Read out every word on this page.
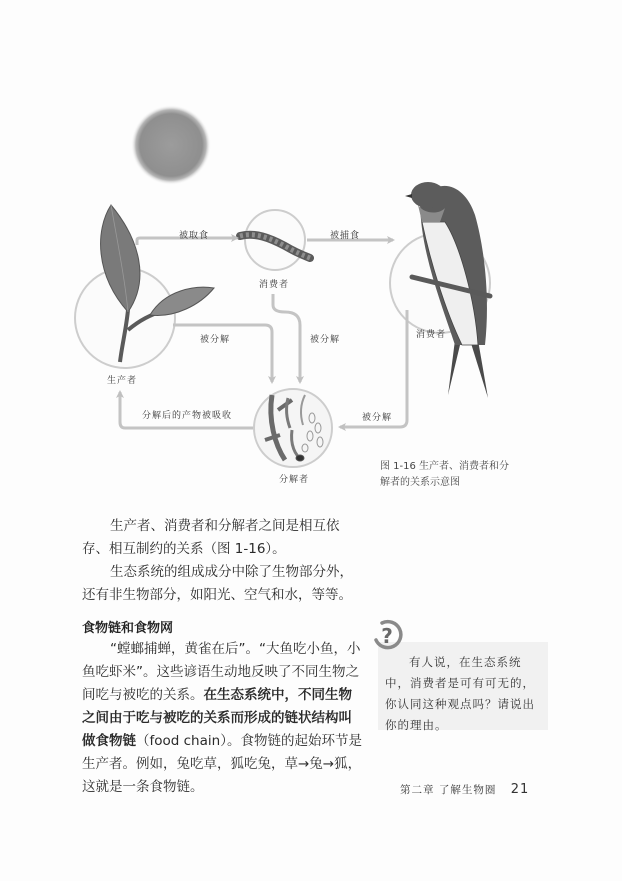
被取食	被捕食
消费者
消费者
被分解	被分解
生产者
分解后的产物被吸收	被分解
分解者
图 1-16 生产者、消费者和分
解者的关系示意图

生产者、消费者和分解者之间是相互依存、相互制约的关系（图 1-16）。

生态系统的组成成分中除了生物部分外，还有非生物部分，如阳光、空气和水，等等。

食物链和食物网

“螳螂捕蝉，黄雀在后”。“大鱼吃小鱼，小鱼吃虾米”。这些谚语生动地反映了不同生物之间吃与被吃的关系。在生态系统中，不同生物之间由于吃与被吃的关系而形成的链状结构叫做食物链（food chain）。食物链的起始环节是生产者。例如，兔吃草，狐吃兔，草→兔→狐，这就是一条食物链。

?

有人说，在生态系统中，消费者是可有可无的，你认同这种观点吗？请说出你的理由。

第二章 了解生物圈 21
